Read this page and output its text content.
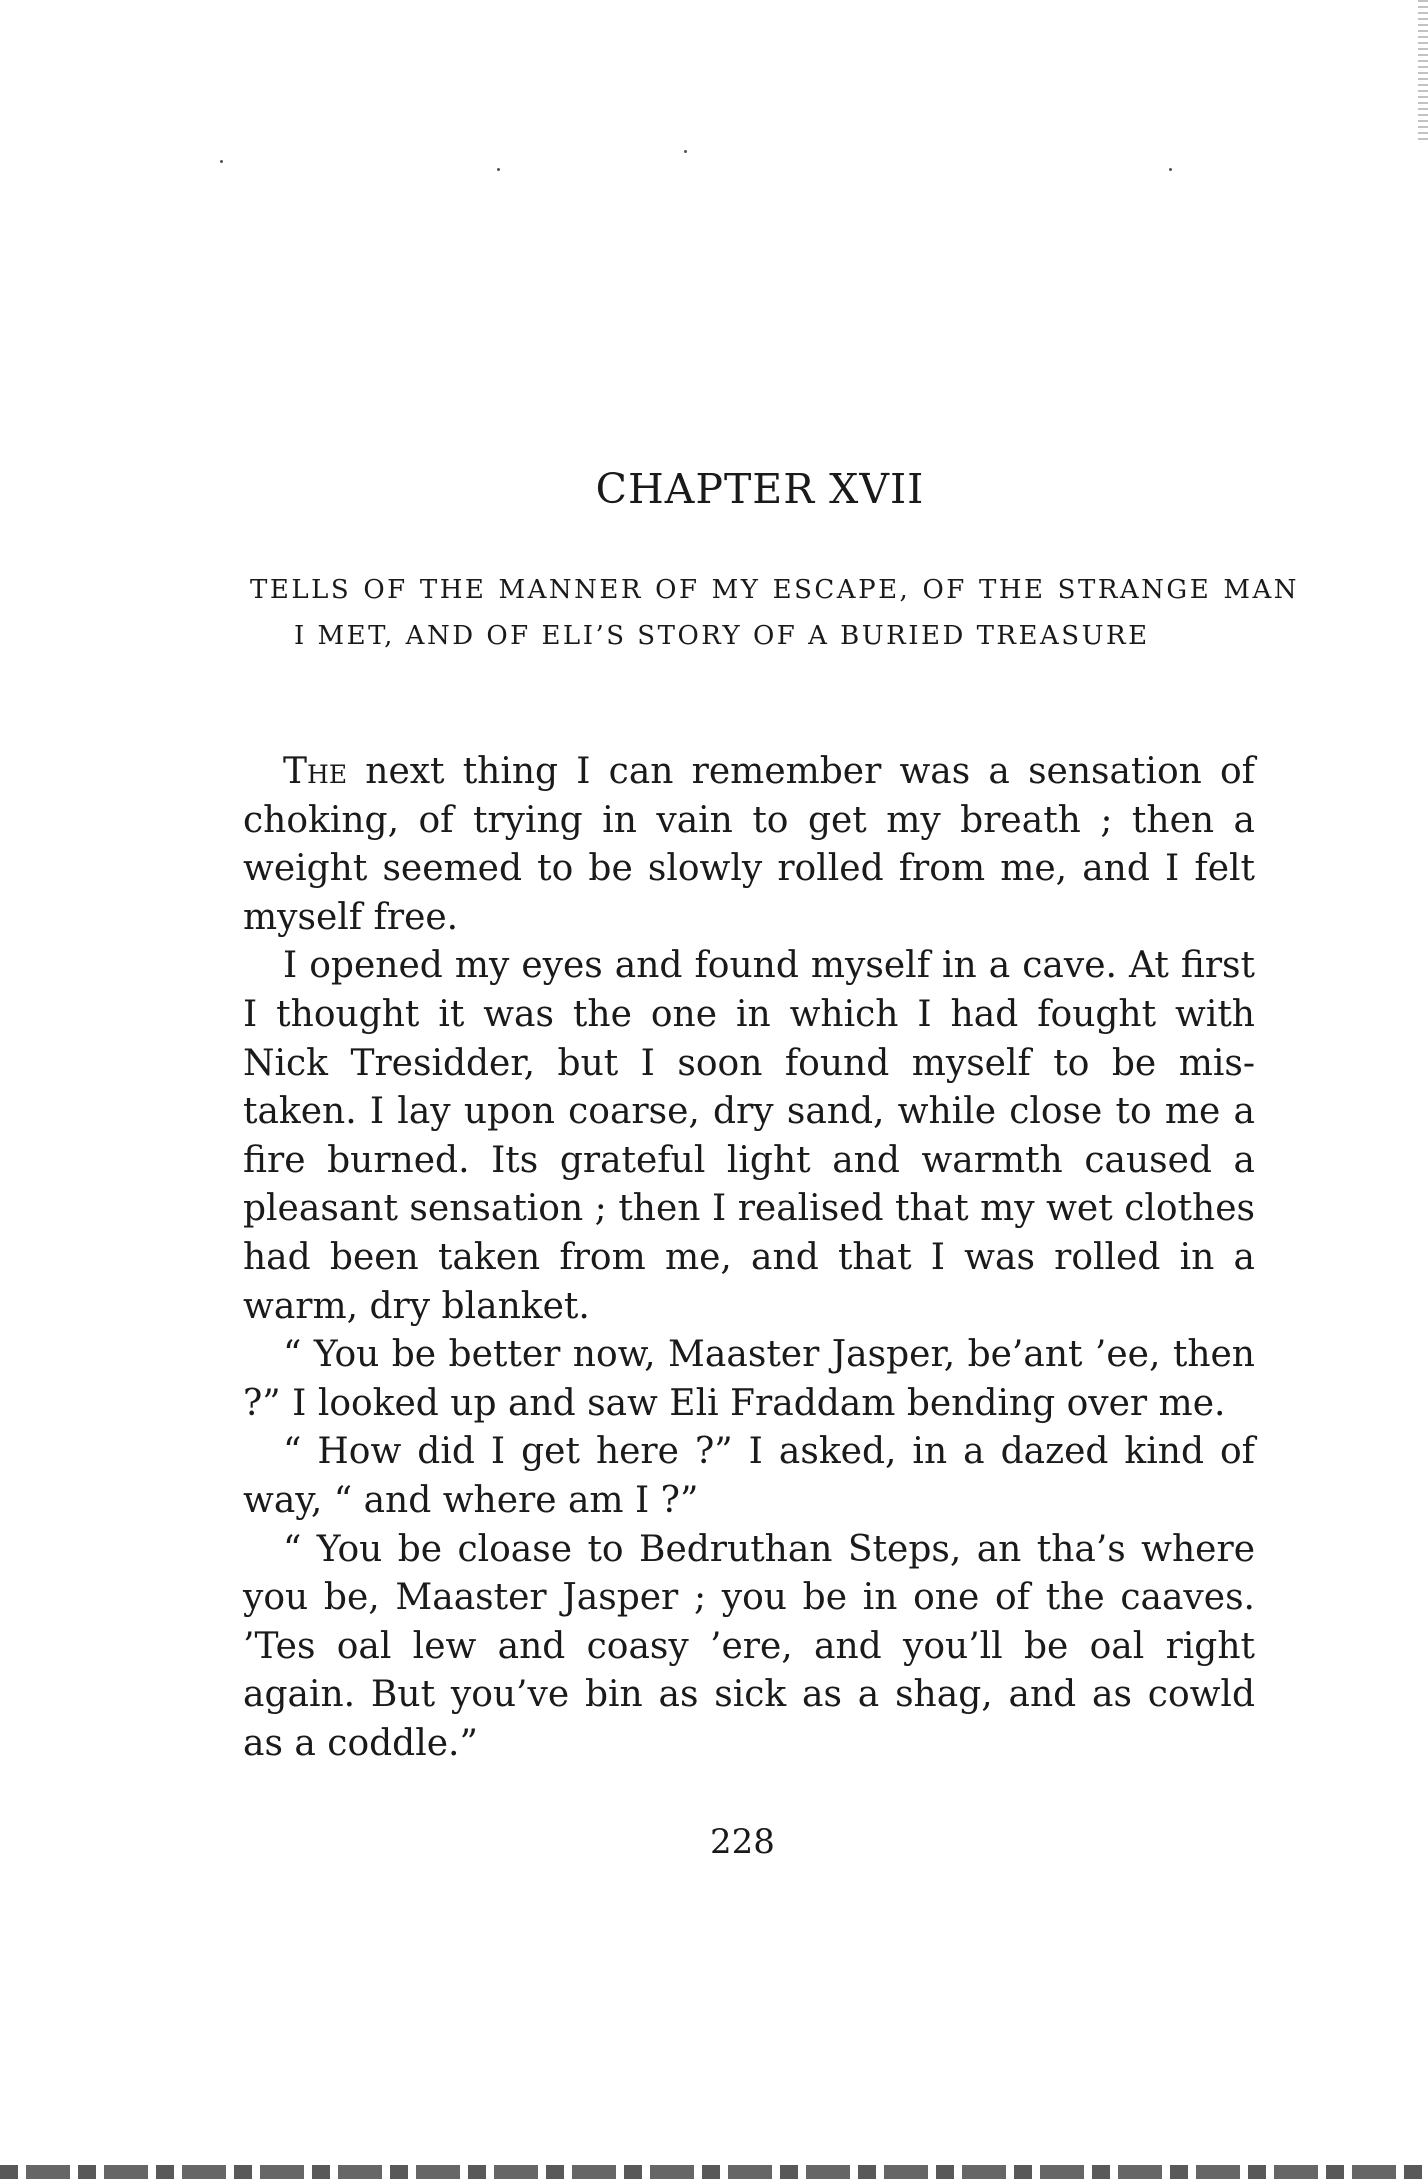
CHAPTER XVII

TELLS OF THE MANNER OF MY ESCAPE, OF THE STRANGE MAN I MET, AND OF ELI’S STORY OF A BURIED TREASURE

The next thing I can remember was a sensation of choking, of trying in vain to get my breath ; then a weight seemed to be slowly rolled from me, and I felt myself free.

I opened my eyes and found myself in a cave. At first I thought it was the one in which I had fought with Nick Tresidder, but I soon found myself to be mistaken. I lay upon coarse, dry sand, while close to me a fire burned. Its grateful light and warmth caused a pleasant sensation ; then I realised that my wet clothes had been taken from me, and that I was rolled in a warm, dry blanket.

“ You be better now, Maaster Jasper, be’ant ’ee, then ?” I looked up and saw Eli Fraddam bending over me.

“ How did I get here ?” I asked, in a dazed kind of way, “ and where am I ?”

“ You be cloase to Bedruthan Steps, an tha’s where you be, Maaster Jasper ; you be in one of the caaves. ’Tes oal lew and coasy ’ere, and you’ll be oal right again. But you’ve bin as sick as a shag, and as cowld as a coddle.”

228
